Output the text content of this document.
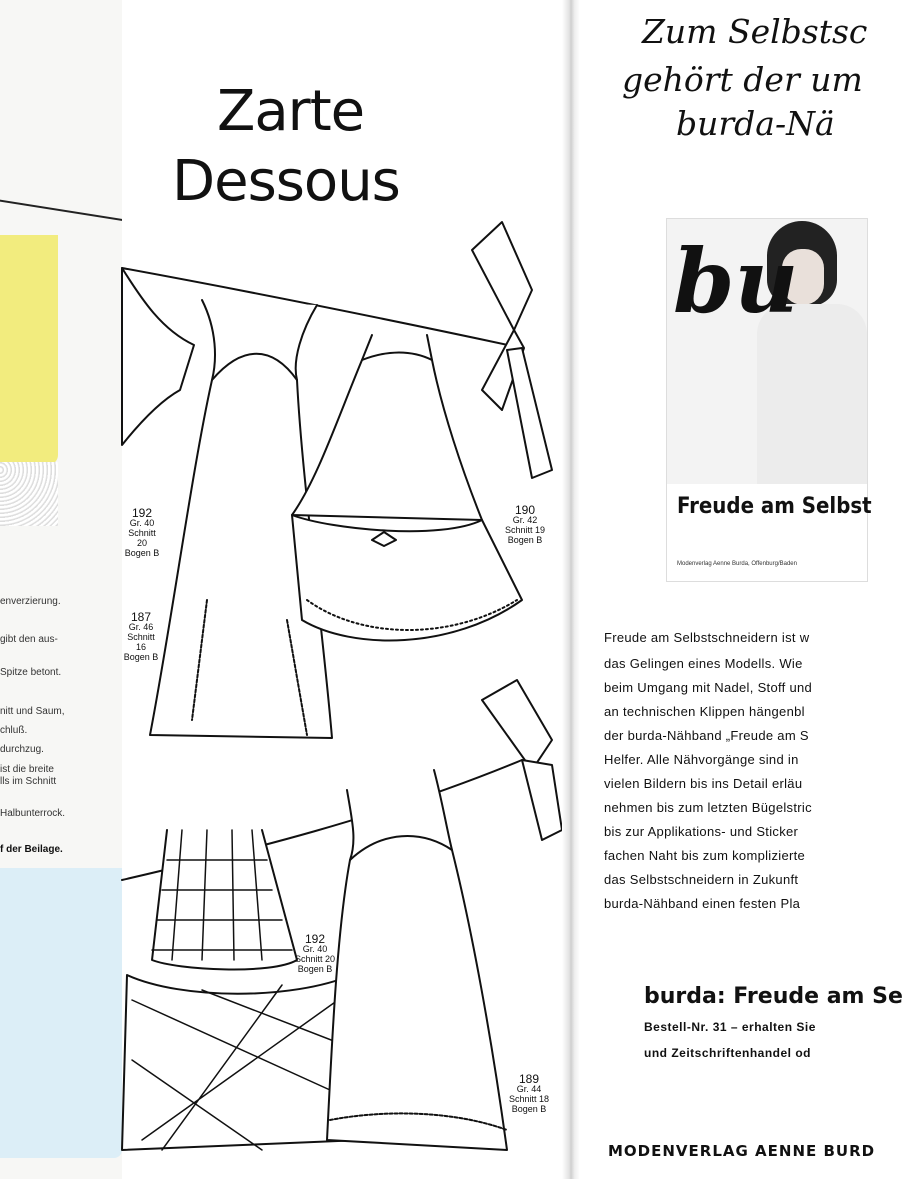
enverzierung.
gibt den aus-
Spitze betont.
nitt und Saum,
chluß.
durchzug.
ist die breite
lls im Schnitt
Halbunterrock.
f der Beilage.
Zarte
Dessous
192
Gr. 40
Schnitt 20
Bogen B
187
Gr. 46
Schnitt 16
Bogen B
190
Gr. 42
Schnitt 19
Bogen B
192
Gr. 40
Schnitt 20
Bogen B
189
Gr. 44
Schnitt 18
Bogen B
Zum Selbstsc
gehört der um
burda-Nä
bu
Freude am Selbst
Modenverlag Aenne Burda, Offenburg/Baden
Freude am Selbstschneidern ist w
das Gelingen eines Modells. Wie
beim Umgang mit Nadel, Stoff und
an technischen Klippen hängenbl
der burda-Nähband „Freude am S
Helfer. Alle Nähvorgänge sind in
vielen Bildern bis ins Detail erläu
nehmen bis zum letzten Bügelstric
bis zur Applikations- und Sticker
fachen Naht bis zum komplizierte
das Selbstschneidern in Zukunft
burda-Nähband einen festen Pla
burda: Freude am Se
Bestell-Nr. 31 – erhalten Sie
und Zeitschriftenhandel od
MODENVERLAG AENNE BURD
